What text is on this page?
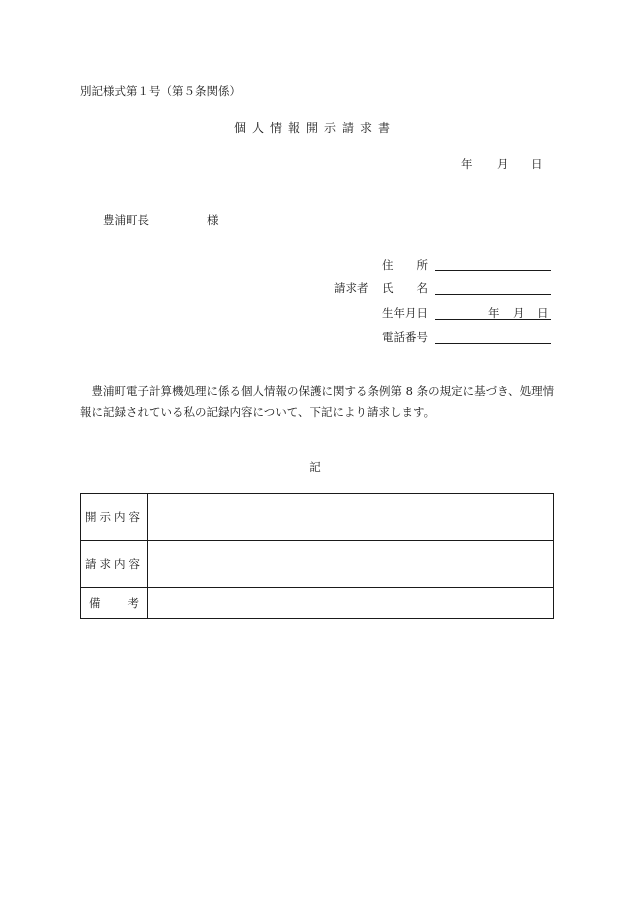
別記様式第１号（第５条関係）
個人情報開示請求書
年 月 日
豊浦町長	様
請求者
住　　所
氏　　名
生年月日	年 月 日
電話番号
豊浦町電子計算機処理に係る個人情報の保護に関する条例第 8 条の規定に基づき、処理情報に記録されている私の記録内容について、下記により請求します。
記
開示内容	
請求内容	

備 考	
